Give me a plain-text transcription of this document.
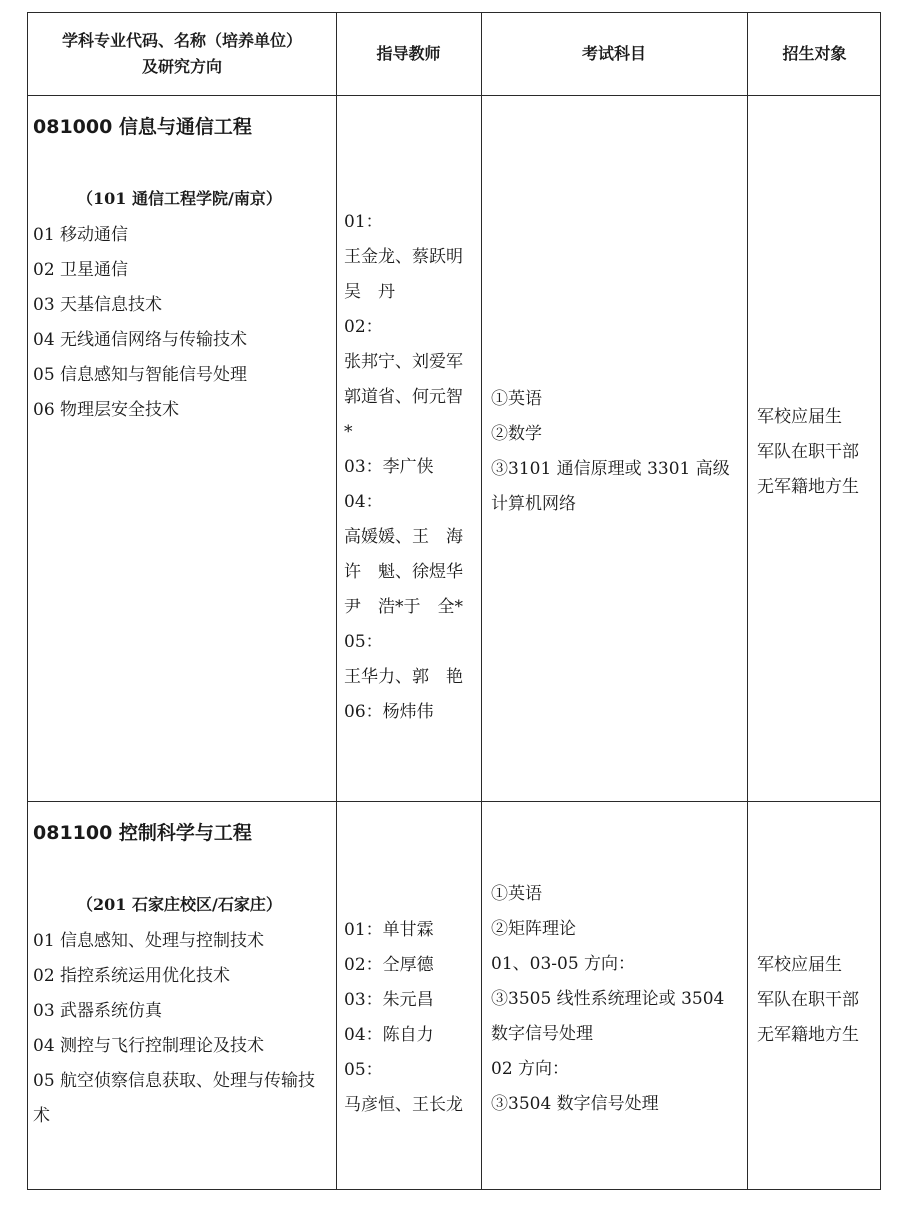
学科专业代码、名称（培养单位）
及研究方向
指导教师	考试科目	招生对象
081000 信息与通信工程
（101 通信工程学院/南京）
01 移动通信
02 卫星通信
03 天基信息技术
04 无线通信网络与传输技术
05 信息感知与智能信号处理
06 物理层安全技术
01：
王金龙、蔡跃明
吴　丹
02：
张邦宁、刘爱军
郭道省、何元智
*
03：李广侠
04：
高媛媛、王　海
许　魁、徐煜华
尹　浩*于　全*
05：
王华力、郭　艳
06：杨炜伟
①英语
②数学
③3101 通信原理或 3301 高级
计算机网络
军校应届生
军队在职干部
无军籍地方生
081100 控制科学与工程
（201 石家庄校区/石家庄）
01 信息感知、处理与控制技术
02 指控系统运用优化技术
03 武器系统仿真
04 测控与飞行控制理论及技术
05 航空侦察信息获取、处理与传输技
术
01：单甘霖
02：仝厚德
03：朱元昌
04：陈自力
05：
马彦恒、王长龙
①英语
②矩阵理论
01、03-05 方向：
③3505 线性系统理论或 3504
数字信号处理
02 方向：
③3504 数字信号处理
军校应届生
军队在职干部
无军籍地方生
